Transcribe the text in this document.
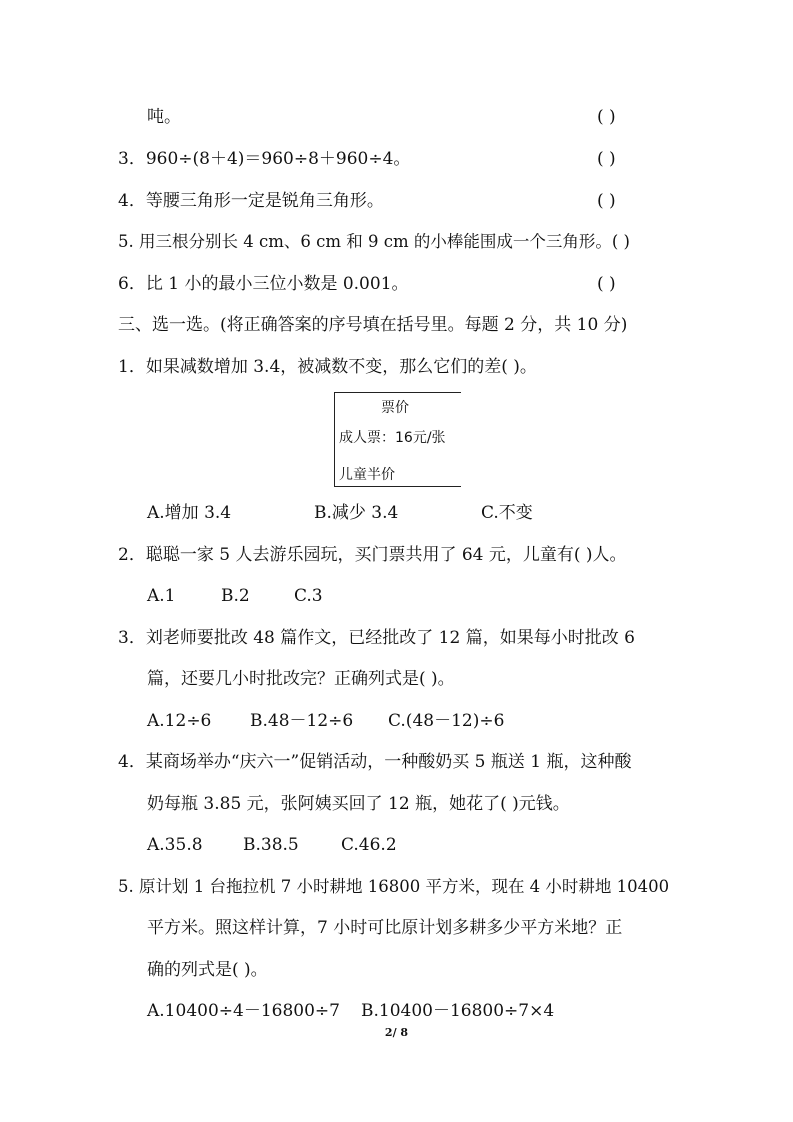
吨。	( )
3．960÷(8＋4)＝960÷8＋960÷4。	( )
4．等腰三角形一定是锐角三角形。	( )
5. 用三根分别长 4 cm、6 cm 和 9 cm 的小棒能围成一个三角形。( )
6．比 1 小的最小三位小数是 0.001。	( )
三、选一选。(将正确答案的序号填在括号里。每题 2 分，共 10 分)
1．如果减数增加 3.4，被减数不变，那么它们的差( )。
票价
成人票：16元/张
儿童半价
A.增加 3.4	B.减少 3.4	C.不变
2．聪聪一家 5 人去游乐园玩，买门票共用了 64 元，儿童有( )人。
A.1	B.2	C.3
3．刘老师要批改 48 篇作文，已经批改了 12 篇，如果每小时批改 6
篇，还要几小时批改完？正确列式是( )。
A.12÷6 B.48－12÷6 C.(48－12)÷6
4．某商场举办“庆六一”促销活动，一种酸奶买 5 瓶送 1 瓶，这种酸
奶每瓶 3.85 元，张阿姨买回了 12 瓶，她花了( )元钱。
A.35.8 B.38.5 C.46.2
5. 原计划 1 台拖拉机 7 小时耕地 16800 平方米，现在 4 小时耕地 10400
平方米。照这样计算，7 小时可比原计划多耕多少平方米地？正
确的列式是( )。
A.10400÷4－16800÷7 B.10400－16800÷7×4
2/ 8
